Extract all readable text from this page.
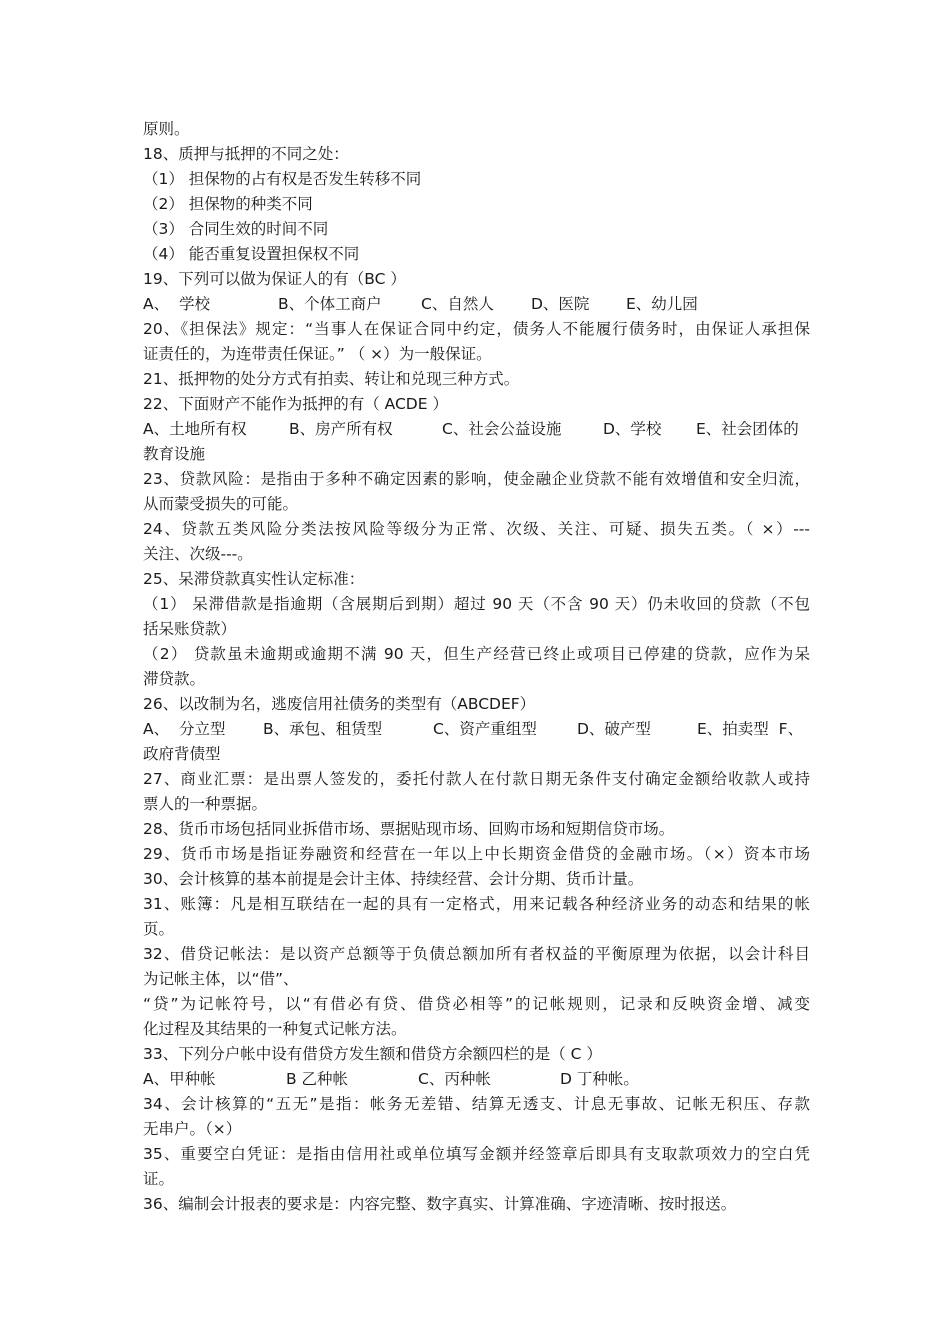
原则。
18、质押与抵押的不同之处：
（1） 担保物的占有权是否发生转移不同
（2） 担保物的种类不同
（3） 合同生效的时间不同
（4） 能否重复设置担保权不同
19、下列可以做为保证人的有（BC ）
A、  学校	B、个体工商户	C、自然人	D、医院	E、幼儿园
20、《担保法》规定：“当事人在保证合同中约定，债务人不能履行债务时，由保证人承担保
证责任的，为连带责任保证。” （ ×）为一般保证。
21、抵押物的处分方式有拍卖、转让和兑现三种方式。
22、下面财产不能作为抵押的有（ ACDE ）
A、土地所有权	B、房产所有权	C、社会公益设施	D、学校	E、社会团体的
教育设施
23、贷款风险：是指由于多种不确定因素的影响，使金融企业贷款不能有效增值和安全归流，
从而蒙受损失的可能。
24、贷款五类风险分类法按风险等级分为正常、次级、关注、可疑、损失五类。（ ×）---
关注、次级---。
25、呆滞贷款真实性认定标准：
（1） 呆滞借款是指逾期（含展期后到期）超过 90 天（不含 90 天）仍未收回的贷款（不包
括呆账贷款）
（2） 贷款虽未逾期或逾期不满 90 天，但生产经营已终止或项目已停建的贷款，应作为呆
滞贷款。
26、以改制为名，逃废信用社债务的类型有（ABCDEF）
A、  分立型	B、承包、租赁型	C、资产重组型	D、破产型	E、拍卖型  F、
政府背债型
27、商业汇票：是出票人签发的，委托付款人在付款日期无条件支付确定金额给收款人或持
票人的一种票据。
28、货币市场包括同业拆借市场、票据贴现市场、回购市场和短期信贷市场。
29、货币市场是指证券融资和经营在一年以上中长期资金借贷的金融市场。（×）资本市场
30、会计核算的基本前提是会计主体、持续经营、会计分期、货币计量。
31、账簿：凡是相互联结在一起的具有一定格式，用来记载各种经济业务的动态和结果的帐
页。
32、借贷记帐法：是以资产总额等于负债总额加所有者权益的平衡原理为依据，以会计科目
为记帐主体，以“借”、
“贷”为记帐符号，以“有借必有贷、借贷必相等”的记帐规则，记录和反映资金增、减变
化过程及其结果的一种复式记帐方法。
33、下列分户帐中设有借贷方发生额和借贷方余额四栏的是（ C ）
A、甲种帐	B 乙种帐	C、丙种帐	D 丁种帐。
34、会计核算的“五无”是指：帐务无差错、结算无透支、计息无事故、记帐无积压、存款
无串户。（×）
35、重要空白凭证：是指由信用社或单位填写金额并经签章后即具有支取款项效力的空白凭
证。
36、编制会计报表的要求是：内容完整、数字真实、计算准确、字迹清晰、按时报送。
